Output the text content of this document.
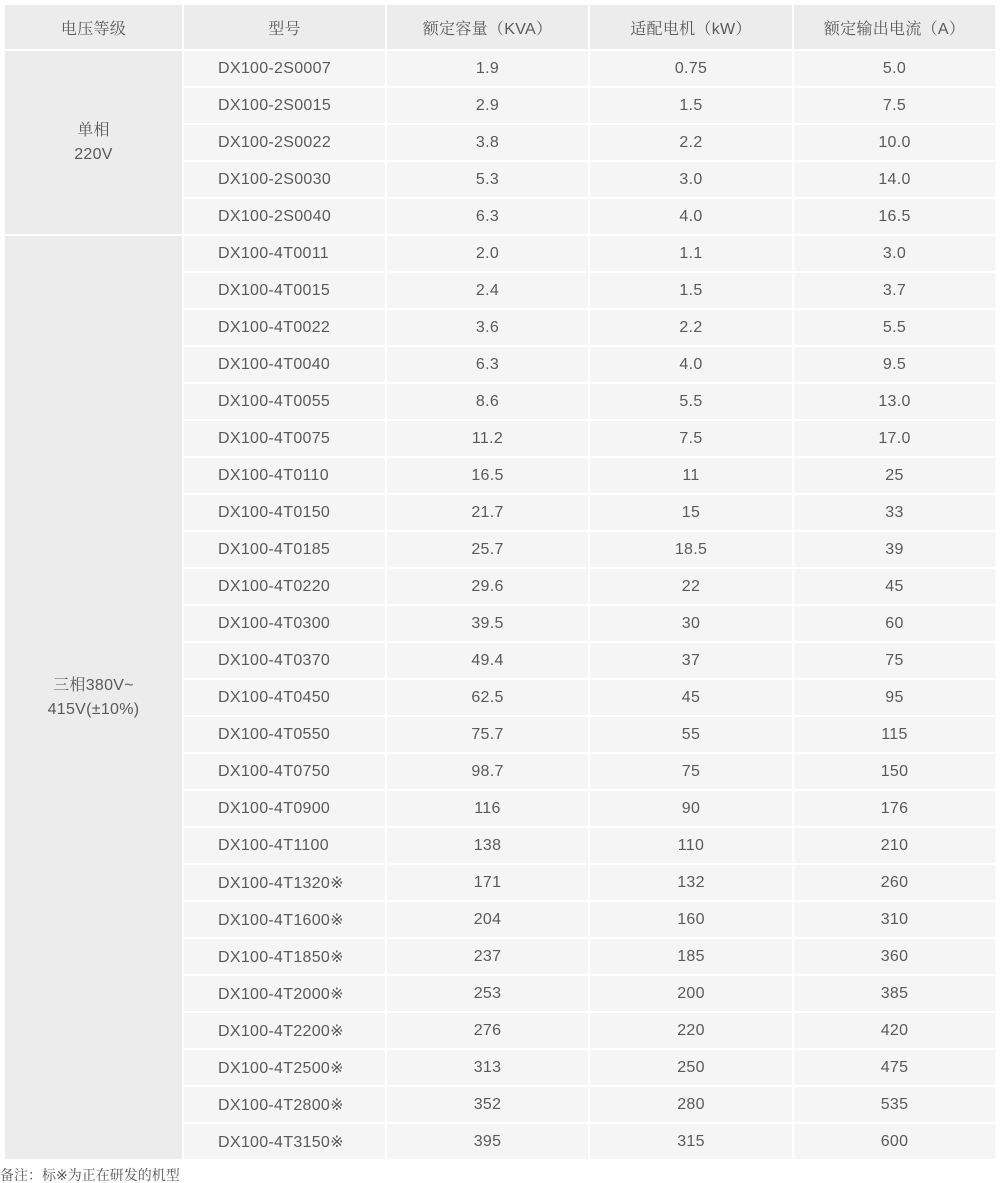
电压等级	型号	额定容量（KVA）	适配电机（kW）	额定输出电流（A）

单相
220V	DX100-2S0007	1.9	0.75	5.0
	DX100-2S0015	2.9	1.5	7.5
	DX100-2S0022	3.8	2.2	10.0
	DX100-2S0030	5.3	3.0	14.0
	DX100-2S0040	6.3	4.0	16.5

三相380V~
415V(±10%)	DX100-4T0011	2.0	1.1	3.0
	DX100-4T0015	2.4	1.5	3.7
	DX100-4T0022	3.6	2.2	5.5
	DX100-4T0040	6.3	4.0	9.5
	DX100-4T0055	8.6	5.5	13.0
	DX100-4T0075	11.2	7.5	17.0
	DX100-4T0110	16.5	11	25
	DX100-4T0150	21.7	15	33
	DX100-4T0185	25.7	18.5	39
	DX100-4T0220	29.6	22	45
	DX100-4T0300	39.5	30	60
	DX100-4T0370	49.4	37	75
	DX100-4T0450	62.5	45	95
	DX100-4T0550	75.7	55	115
	DX100-4T0750	98.7	75	150
	DX100-4T0900	116	90	176
	DX100-4T1100	138	110	210
	DX100-4T1320※	171	132	260
	DX100-4T1600※	204	160	310
	DX100-4T1850※	237	185	360
	DX100-4T2000※	253	200	385
	DX100-4T2200※	276	220	420
	DX100-4T2500※	313	250	475
	DX100-4T2800※	352	280	535
	DX100-4T3150※	395	315	600
备注：标※为正在研发的机型
